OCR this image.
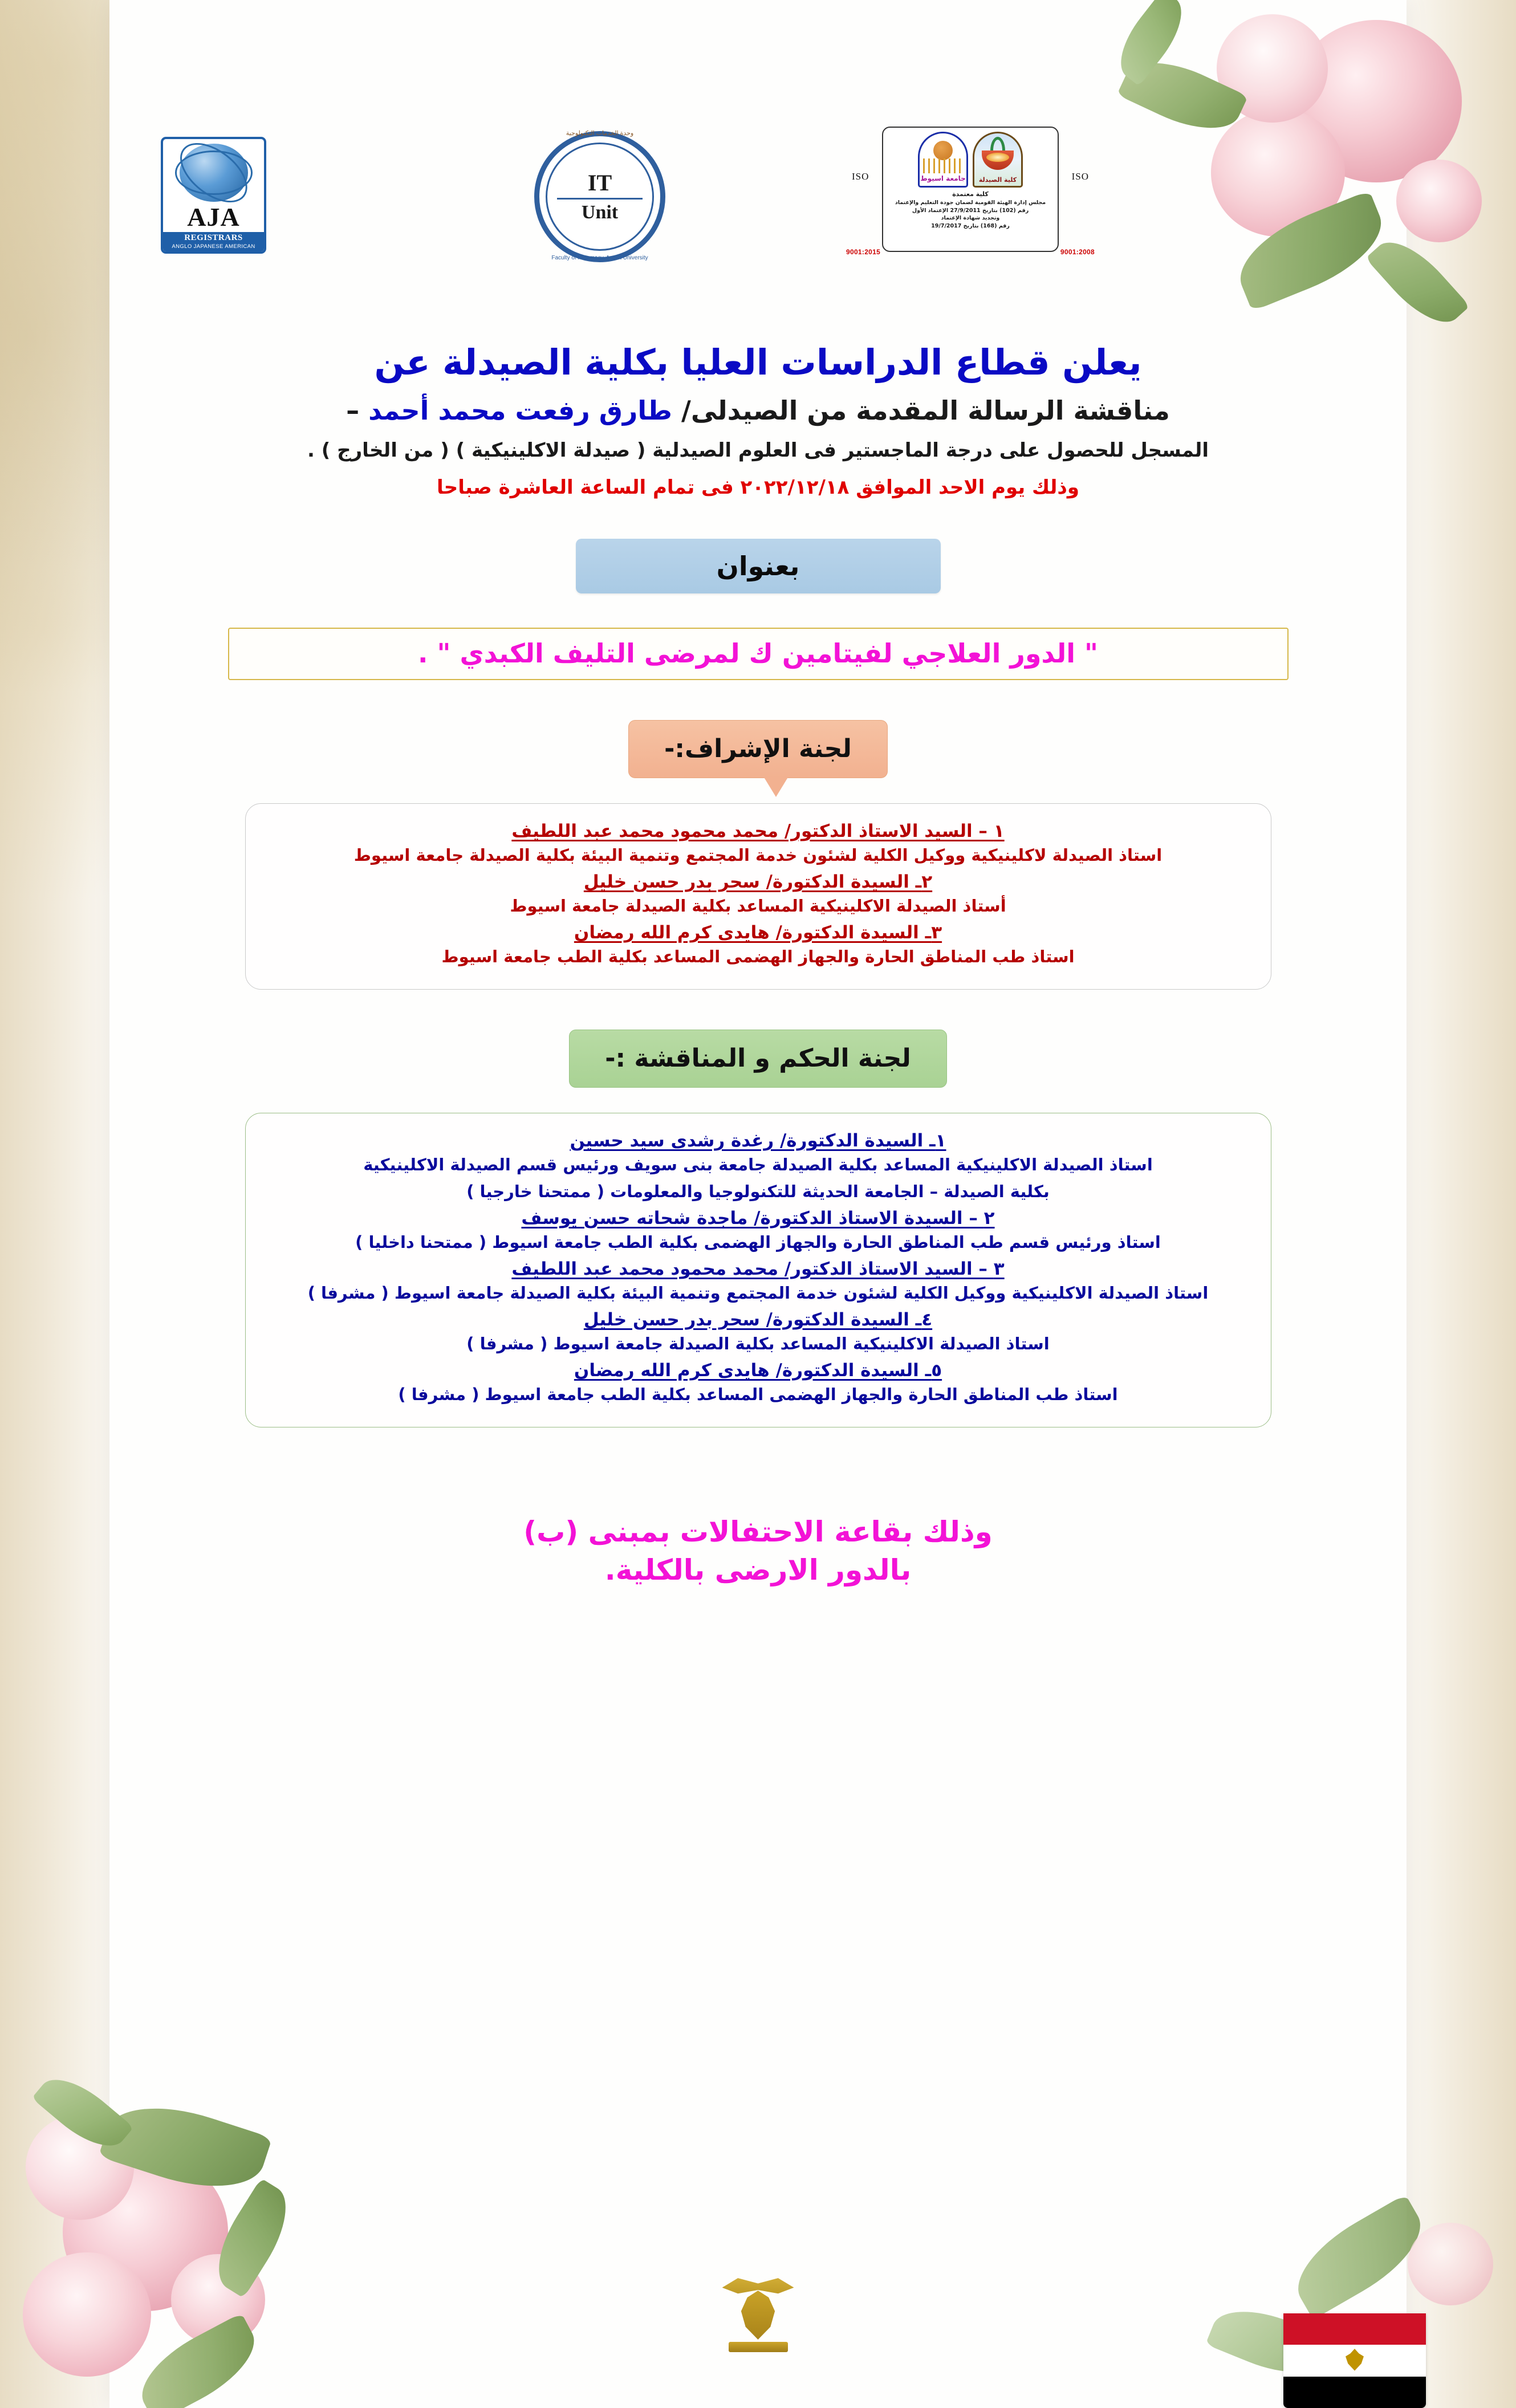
AJA
REGISTRARS
ANGLO JAPANESE AMERICAN
وحدة الخدمات التكنولوجية
IT
Unit
Faculty of Pharmacy, Assiut University
ISO	ISO
9001:2015	9001:2008
كلية الصيدلة
جامعة اسيوط
كلية معتمدة
مجلس إدارة الهيئة القومية لضمان جودة التعليم والإعتماد
رقم (102) بتاريخ 27/9/2011 الإعتماد الأول
وتجديد شهادة الإعتماد
رقم (168) بتاريخ 19/7/2017
يعلن قطاع الدراسات العليا بكلية الصيدلة عن
مناقشة الرسالة المقدمة من الصيدلى/ طارق رفعت محمد أحمد –
المسجل للحصول على درجة الماجستير فى العلوم الصيدلية ( صيدلة الاكلينيكية ) ( من الخارج ) .
وذلك يوم الاحد الموافق ٢٠٢٢/١٢/١٨ فى تمام الساعة العاشرة صباحا
بعنوان
" الدور العلاجي لفيتامين ك لمرضى التليف الكبدي " .
لجنة الإشراف:-
١ – السيد الاستاذ الدكتور/ محمد محمود محمد عبد اللطيف
استاذ الصيدلة لاكلينيكية ووكيل الكلية لشئون خدمة المجتمع وتنمية البيئة بكلية الصيدلة جامعة اسيوط
٢ـ السيدة الدكتورة/ سحر بدر حسن خليل
أستاذ الصيدلة الاكلينيكية المساعد بكلية الصيدلة جامعة اسيوط
٣ـ السيدة الدكتورة/ هايدى كرم الله رمضان
استاذ طب المناطق الحارة والجهاز الهضمى المساعد بكلية الطب جامعة اسيوط
لجنة الحكم و المناقشة :-
١ـ السيدة الدكتورة/ رغدة رشدى سيد حسين
استاذ الصيدلة الاكلينيكية المساعد بكلية الصيدلة جامعة بنى سويف ورئيس قسم الصيدلة الاكلينيكية
بكلية الصيدلة – الجامعة الحديثة للتكنولوجيا والمعلومات ( ممتحنا خارجيا )
٢ – السيدة الاستاذ الدكتورة/ ماجدة شحاته حسن يوسف
استاذ ورئيس قسم طب المناطق الحارة والجهاز الهضمى بكلية الطب جامعة اسيوط ( ممتحنا داخليا )
٣ – السيد الاستاذ الدكتور/ محمد محمود محمد عبد اللطيف
استاذ الصيدلة الاكلينيكية ووكيل الكلية لشئون خدمة المجتمع وتنمية البيئة بكلية الصيدلة جامعة اسيوط ( مشرفا )
٤ـ السيدة الدكتورة/ سحر بدر حسن خليل
استاذ الصيدلة الاكلينيكية المساعد بكلية الصيدلة جامعة اسيوط ( مشرفا )
٥ـ السيدة الدكتورة/ هايدى كرم الله رمضان
استاذ طب المناطق الحارة والجهاز الهضمى المساعد بكلية الطب جامعة اسيوط ( مشرفا )
وذلك بقاعة الاحتفالات بمبنى (ب)
بالدور الارضى بالكلية.
